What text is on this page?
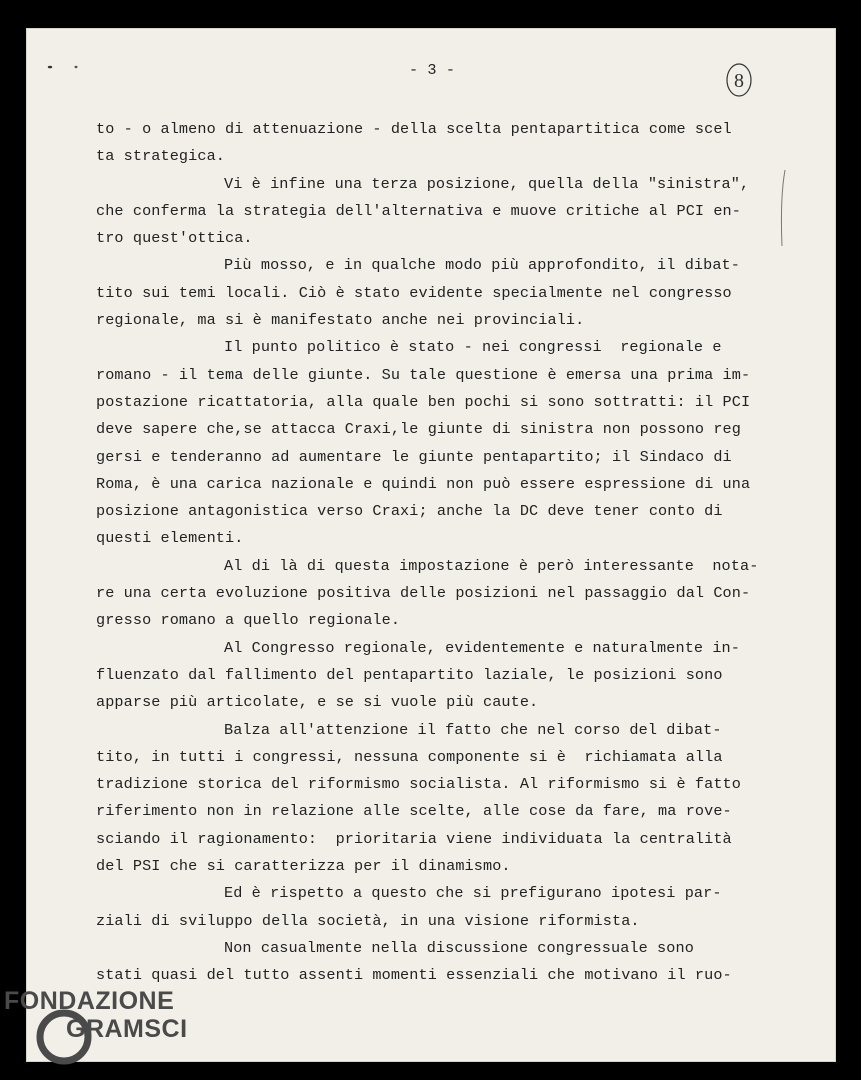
- 3 -	8
to - o almeno di attenuazione - della scelta pentapartitica come scel
ta strategica.
Vi è infine una terza posizione, quella della "sinistra",
che conferma la strategia dell'alternativa e muove critiche al PCI en-
tro quest'ottica.
Più mosso, e in qualche modo più approfondito, il dibat-
tito sui temi locali. Ciò è stato evidente specialmente nel congresso
regionale, ma si è manifestato anche nei provinciali.
Il punto politico è stato - nei congressi  regionale e
romano - il tema delle giunte. Su tale questione è emersa una prima im-
postazione ricattatoria, alla quale ben pochi si sono sottratti: il PCI
deve sapere che,se attacca Craxi,le giunte di sinistra non possono reg
gersi e tenderanno ad aumentare le giunte pentapartito; il Sindaco di
Roma, è una carica nazionale e quindi non può essere espressione di una
posizione antagonistica verso Craxi; anche la DC deve tener conto di
questi elementi.
Al di là di questa impostazione è però interessante  nota-
re una certa evoluzione positiva delle posizioni nel passaggio dal Con-
gresso romano a quello regionale.
Al Congresso regionale, evidentemente e naturalmente in-
fluenzato dal fallimento del pentapartito laziale, le posizioni sono
apparse più articolate, e se si vuole più caute.
Balza all'attenzione il fatto che nel corso del dibat-
tito, in tutti i congressi, nessuna componente si è  richiamata alla
tradizione storica del riformismo socialista. Al riformismo si è fatto
riferimento non in relazione alle scelte, alle cose da fare, ma rove-
sciando il ragionamento:  prioritaria viene individuata la centralità
del PSI che si caratterizza per il dinamismo.
Ed è rispetto a questo che si prefigurano ipotesi par-
ziali di sviluppo della società, in una visione riformista.
Non casualmente nella discussione congressuale sono
stati quasi del tutto assenti momenti essenziali che motivano il ruo-
FONDAZIONE
GRAMSCI
